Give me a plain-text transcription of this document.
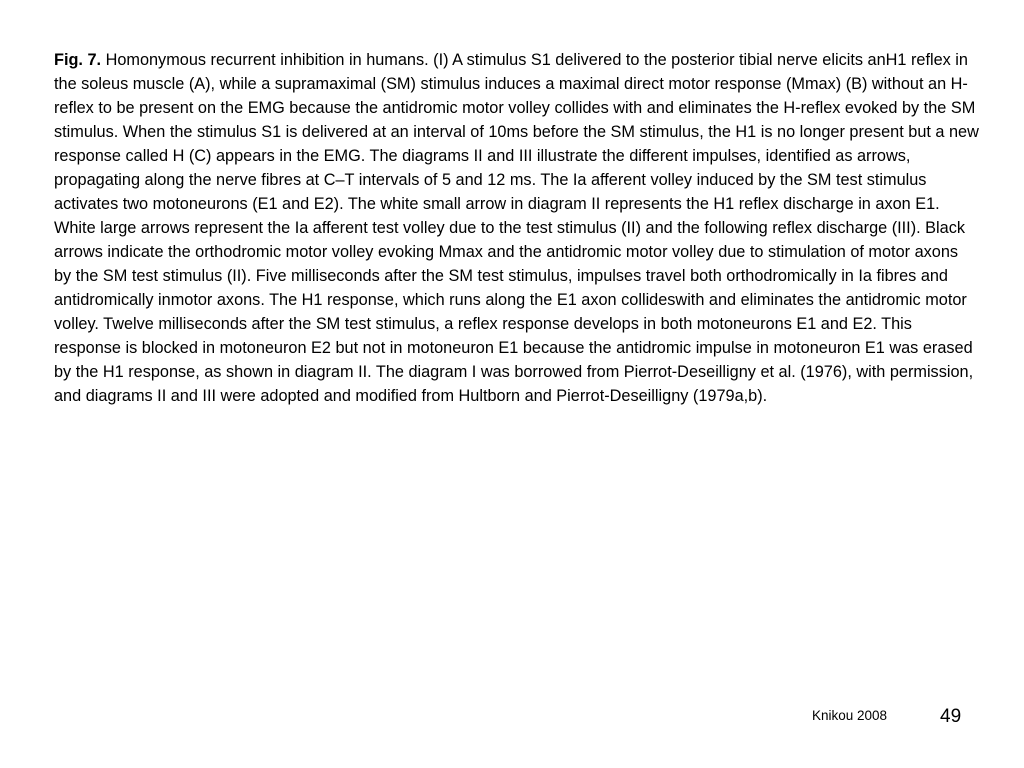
Fig. 7. Homonymous recurrent inhibition in humans. (I) A stimulus S1 delivered to the posterior tibial nerve elicits anH1 reflex in the soleus muscle (A), while a supramaximal (SM) stimulus induces a maximal direct motor response (Mmax) (B) without an H-reflex to be present on the EMG because the antidromic motor volley collides with and eliminates the H-reflex evoked by the SM stimulus. When the stimulus S1 is delivered at an interval of 10ms before the SM stimulus, the H1 is no longer present but a new response called H (C) appears in the EMG. The diagrams II and III illustrate the different impulses, identified as arrows, propagating along the nerve fibres at C–T intervals of 5 and 12 ms. The Ia afferent volley induced by the SM test stimulus activates two motoneurons (E1 and E2). The white small arrow in diagram II represents the H1 reflex discharge in axon E1. White large arrows represent the Ia afferent test volley due to the test stimulus (II) and the following reflex discharge (III). Black arrows indicate the orthodromic motor volley evoking Mmax and the antidromic motor volley due to stimulation of motor axons by the SM test stimulus (II). Five milliseconds after the SM test stimulus, impulses travel both orthodromically in Ia fibres and antidromically inmotor axons. The H1 response, which runs along the E1 axon collideswith and eliminates the antidromic motor volley. Twelve milliseconds after the SM test stimulus, a reflex response develops in both motoneurons E1 and E2. This response is blocked in motoneuron E2 but not in motoneuron E1 because the antidromic impulse in motoneuron E1 was erased by the H1 response, as shown in diagram II. The diagram I was borrowed from Pierrot-Deseilligny et al. (1976), with permission, and diagrams II and III were adopted and modified from Hultborn and Pierrot-Deseilligny (1979a,b).

Knikou 2008	49
